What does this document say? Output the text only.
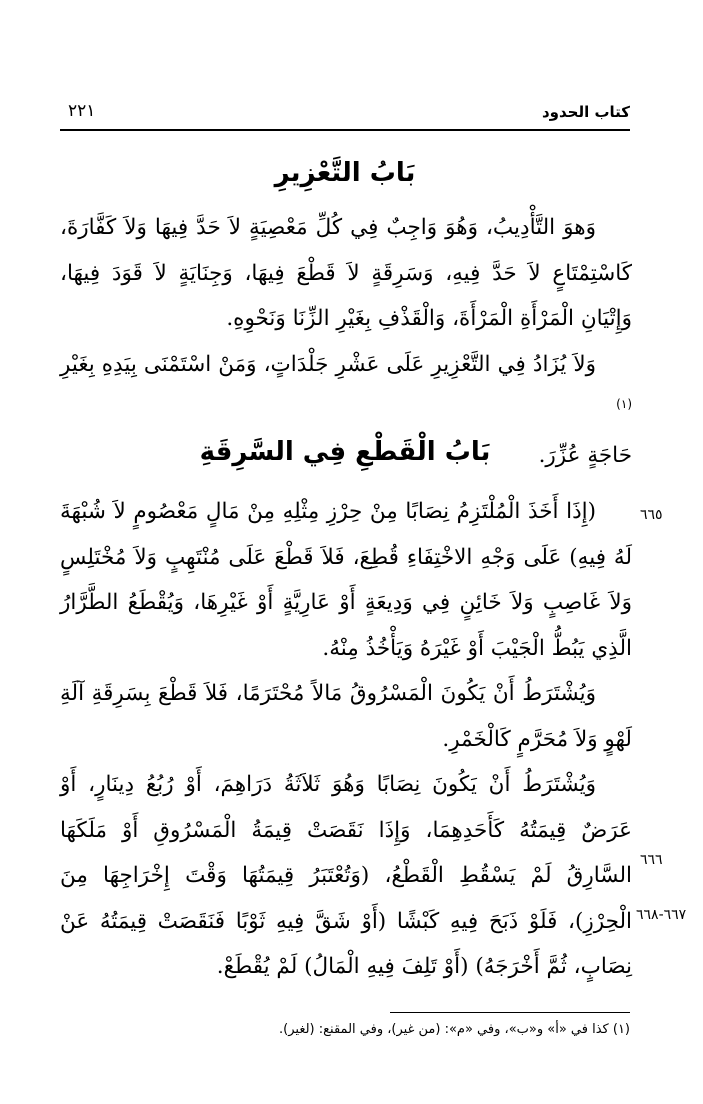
كتاب الحدود
٢٢١
بَابُ التَّعْزِيرِ

وَهوَ التَّأْدِيبُ، وَهُوَ وَاجِبٌ فِي كُلِّ مَعْصِيَةٍ لاَ حَدَّ فِيهَا وَلاَ كَفَّارَةَ، كَاسْتِمْتَاعٍ لاَ حَدَّ فِيهِ، وَسَرِقَةٍ لاَ قَطْعَ فِيهَا، وَجِنَايَةٍ لاَ قَوَدَ فِيهَا، وَإِتْيَانِ الْمَرْأَةِ الْمَرْأَةَ، وَالْقَذْفِ بِغَيْرِ الزِّنَا وَنَحْوِهِ.

وَلاَ يُزَادُ فِي التَّعْزِيرِ عَلَى عَشْرِ جَلْدَاتٍ، وَمَنْ اسْتَمْنَى بِيَدِهِ بِغَيْرِ $^{(١)}$

حَاجَةٍ عُزِّرَ.

بَابُ الْقَطْعِ فِي السَّرِقَةِ

(إِذَا أَخَذَ الْمُلْتَزِمُ نِصَابًا مِنْ حِرْزِ مِثْلِهِ مِنْ مَالٍ مَعْصُومٍ لاَ شُبْهَةَ لَهُ فِيهِ) عَلَى وَجْهِ الاخْتِفَاءِ قُطِعَ، فَلاَ قَطْعَ عَلَى مُنْتَهِبٍ وَلاَ مُخْتَلِسٍ وَلاَ غَاصِبٍ وَلاَ خَائِنٍ فِي وَدِيعَةٍ أَوْ عَارِيَّةٍ أَوْ غَيْرِهَا، وَيُقْطَعُ الطَّرَّارُ الَّذِي يَبُطُّ الْجَيْبَ أَوْ غَيْرَهُ وَيَأْخُذُ مِنْهُ.

وَيُشْتَرَطُ أَنْ يَكُونَ الْمَسْرُوقُ مَالاً مُحْتَرَمًا، فَلاَ قَطْعَ بِسَرِقَةِ آلَةِ لَهْوٍ وَلاَ مُحَرَّمٍ كَالْخَمْرِ.

وَيُشْتَرَطُ أَنْ يَكُونَ نِصَابًا وَهُوَ ثَلاَثَةُ دَرَاهِمَ، أَوْ رُبُعُ دِينَارٍ، أَوْ عَرَضٌ قِيمَتُهُ كَأَحَدِهِمَا، وَإِذَا نَقَصَتْ قِيمَةُ الْمَسْرُوقِ أَوْ مَلَكَهَا السَّارِقُ لَمْ يَسْقُطِ الْقَطْعُ، (وَتُعْتَبَرُ قِيمَتُهَا وَقْتَ إِخْرَاجِهَا مِنَ الْحِرْزِ)، فَلَوْ ذَبَحَ فِيهِ كَبْشًا (أَوْ شَقَّ فِيهِ ثَوْبًا فَنَقَصَتْ قِيمَتُهُ عَنْ نِصَابٍ، ثُمَّ أَخْرَجَهُ) (أَوْ تَلِفَ فِيهِ الْمَالُ) لَمْ يُقْطَعْ.

٦٦٥
٦٦٦
٦٦٧-٦٦٨
(١) كذا في «أ» و«ب»، وفي «م»: (من غير)، وفي المقنع: (لغير).
